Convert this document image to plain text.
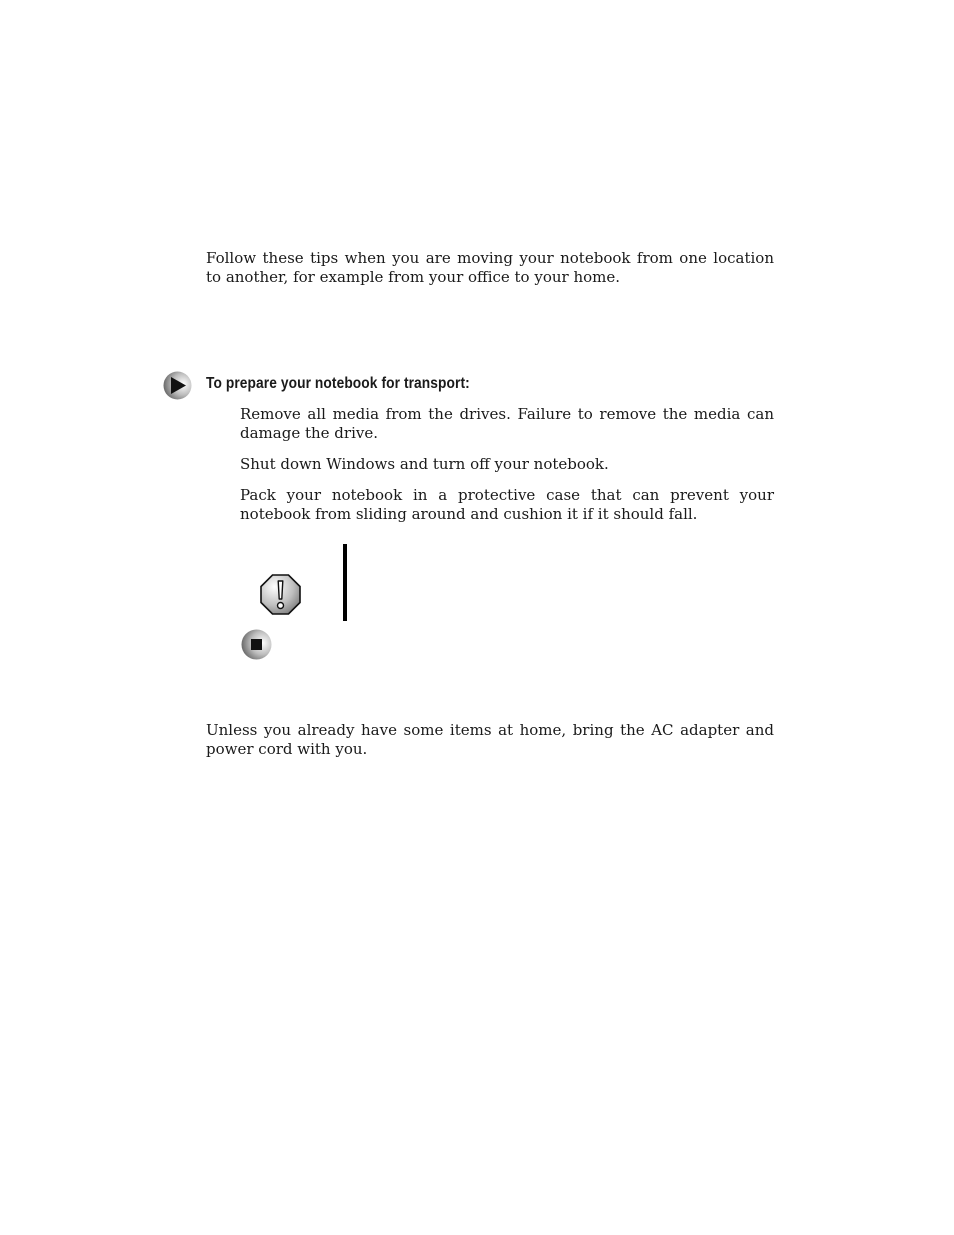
Follow these tips when you are moving your notebook from one location to another, for example from your office to your home.

To prepare your notebook for transport:

Remove all media from the drives. Failure to remove the media can damage the drive.

Shut down Windows and turn off your notebook.

Pack your notebook in a protective case that can prevent your notebook from sliding around and cushion it if it should fall.

Unless you already have some items at home, bring the AC adapter and power cord with you.
